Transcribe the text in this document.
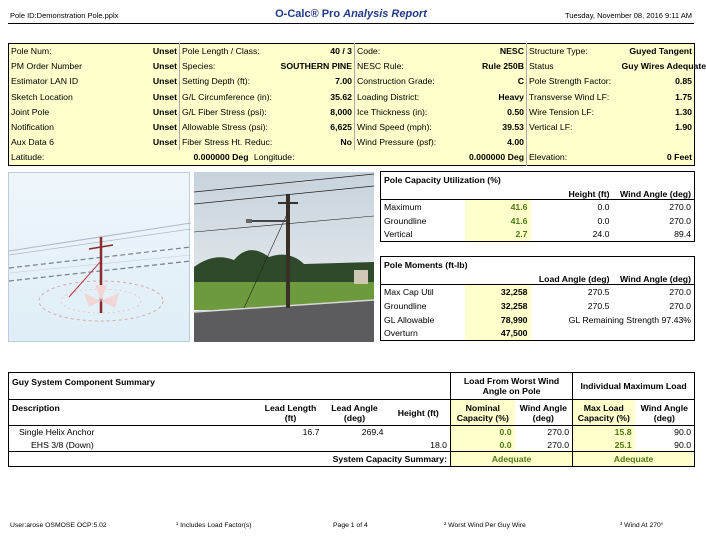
Pole ID:Demonstration Pole.pplx	O-Calc® Pro Analysis Report	Tuesday, November 08, 2016 9:11 AM
Pole Num:	Unset	Pole Length / Class:	40 / 3	Code:	NESC	Structure Type:	Guyed Tangent
PM Order Number	Unset	Species:	SOUTHERN PINE	NESC Rule:	Rule 250B	Status	Guy Wires Adequate
Estimator LAN ID	Unset	Setting Depth (ft):	7.00	Construction Grade:	C	Pole Strength Factor:	0.85
Sketch Location	Unset	G/L Circumference (in):	35.62	Loading District:	Heavy	Transverse Wind LF:	1.75
Joint Pole	Unset	G/L Fiber Stress (psi):	8,000	Ice Thickness (in):	0.50	Wire Tension LF:	1.30
Notification	Unset	Allowable Stress (psi):	6,625	Wind Speed (mph):	39.53	Vertical LF:	1.90
Aux Data 6	Unset	Fiber Stress Ht. Reduc:	No	Wind Pressure (psf):	4.00		
Latitude:	0.000000 Deg Longitude:			0.000000 Deg		Elevation:	0 Feet
Pole Capacity Utilization (%)		Height (ft)	Wind Angle (deg)
Maximum	41.6	0.0	270.0
Groundline	41.6	0.0	270.0
Vertical	2.7	24.0	89.4
Pole Moments (ft-lb)		Load Angle (deg)	Wind Angle (deg)
Max Cap Util	32,258	270.5	270.0
Groundline	32,258	270.5	270.0
GL Allowable	78,990	GL Remaining Strength 97.43%	
Overturn	47,500		
Guy System Component Summary				Load From Worst Wind Angle on Pole		Individual Maximum Load	
Description	Lead Length (ft)	Lead Angle (deg)	Height (ft)	Nominal Capacity (%)	Wind Angle (deg)	Max Load Capacity (%)	Wind Angle (deg)
Single Helix Anchor	16.7	269.4		0.0	270.0	15.8	90.0
EHS 3/8 (Down)			18.0	0.0	270.0	25.1	90.0
System Capacity Summary:				Adequate		Adequate	
User:arose OSMOSE OCP:5.02	¹ Includes Load Factor(s)	Page 1 of 4	² Worst Wind Per Guy Wire	³ Wind At 270°
